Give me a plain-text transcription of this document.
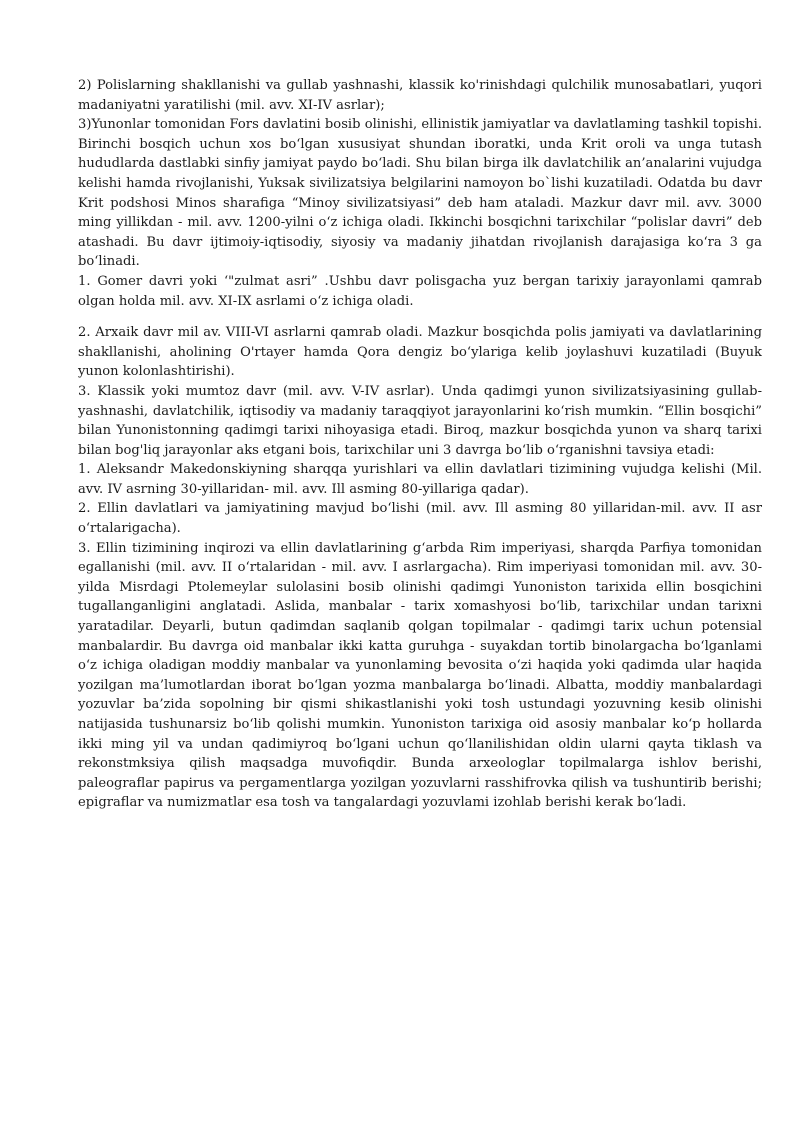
2) Polislarning shakllanishi va gullab yashnashi, klassik ko'rinishdagi qulchilik munosabatlari, yuqori madaniyatni yaratilishi (mil. avv. XI-IV asrlar);

3)Yunonlar tomonidan Fors davlatini bosib olinishi, ellinistik jamiyatlar va davlatlaming tashkil topishi. Birinchi bosqich uchun xos bo‘lgan xususiyat shundan iboratki, unda Krit oroli va unga tutash hududlarda dastlabki sinfiy jamiyat paydo bo‘ladi. Shu bilan birga ilk davlatchilik an’analarini vujudga kelishi hamda rivojlanishi, Yuksak sivilizatsiya belgilarini namoyon bo`lishi kuzatiladi. Odatda bu davr Krit podshosi Minos sharafiga “Minoy sivilizatsiyasi” deb ham ataladi. Mazkur davr mil. avv. 3000 ming yillikdan - mil. avv. 1200-yilni o‘z ichiga oladi. Ikkinchi bosqichni tarixchilar “polislar davri” deb atashadi. Bu davr ijtimoiy-iqtisodiy, siyosiy va madaniy jihatdan rivojlanish darajasiga ko‘ra 3 ga bo‘linadi.

1. Gomer davri yoki ‘"zulmat asri” .Ushbu davr polisgacha yuz bergan tarixiy jarayonlami qamrab olgan holda mil. avv. XI-IX asrlami o‘z ichiga oladi.

2. Arxaik davr mil av. VIII-VI asrlarni qamrab oladi. Mazkur bosqichda polis jamiyati va davlatlarining shakllanishi, aholining O'rtayer hamda Qora dengiz bo‘ylariga kelib joylashuvi kuzatiladi (Buyuk yunon kolonlashtirishi).

3. Klassik yoki mumtoz davr (mil. avv. V-IV asrlar). Unda qadimgi yunon sivilizatsiyasining gullab-yashnashi, davlatchilik, iqtisodiy va madaniy taraqqiyot jarayonlarini ko‘rish mumkin. “Ellin bosqichi” bilan Yunonistonning qadimgi tarixi nihoyasiga etadi. Biroq, mazkur bosqichda yunon va sharq tarixi bilan bog'liq jarayonlar aks etgani bois, tarixchilar uni 3 davrga bo‘lib o‘rganishni tavsiya etadi:

1. Aleksandr Makedonskiyning sharqqa yurishlari va ellin davlatlari tizimining vujudga kelishi (Mil. avv. IV asrning 30-yillaridan- mil. avv. Ill asming 80-yillariga qadar).

2. Ellin davlatlari va jamiyatining mavjud bo‘lishi (mil. avv. Ill asming 80 yillaridan-mil. avv. II asr o‘rtalarigacha).

3. Ellin tizimining inqirozi va ellin davlatlarining g‘arbda Rim imperiyasi, sharqda Parfiya tomonidan egallanishi (mil. avv. II o‘rtalaridan - mil. avv. I asrlargacha). Rim imperiyasi tomonidan mil. avv. 30-yilda Misrdagi Ptolemeylar sulolasini bosib olinishi qadimgi Yunoniston tarixida ellin bosqichini tugallanganligini anglatadi. Aslida, manbalar - tarix xomashyosi bo‘lib, tarixchilar undan tarixni yaratadilar. Deyarli, butun qadimdan saqlanib qolgan topilmalar - qadimgi tarix uchun potensial manbalardir. Bu davrga oid manbalar ikki katta guruhga - suyakdan tortib binolargacha bo‘lganlami o‘z ichiga oladigan moddiy manbalar va yunonlaming bevosita o‘zi haqida yoki qadimda ular haqida yozilgan ma’lumotlardan iborat bo‘lgan yozma manbalarga bo‘linadi. Albatta, moddiy manbalardagi yozuvlar ba’zida sopolning bir qismi shikastlanishi yoki tosh ustundagi yozuvning kesib olinishi natijasida tushunarsiz bo‘lib qolishi mumkin. Yunoniston tarixiga oid asosiy manbalar ko‘p hollarda ikki ming yil va undan qadimiyroq bo‘lgani uchun qo‘llanilishidan oldin ularni qayta tiklash va rekonstmksiya qilish maqsadga muvofiqdir. Bunda arxeologlar topilmalarga ishlov berishi, paleograflar papirus va pergamentlarga yozilgan yozuvlarni rasshifrovka qilish va tushuntirib berishi; epigraflar va numizmatlar esa tosh va tangalardagi yozuvlami izohlab berishi kerak bo‘ladi.
